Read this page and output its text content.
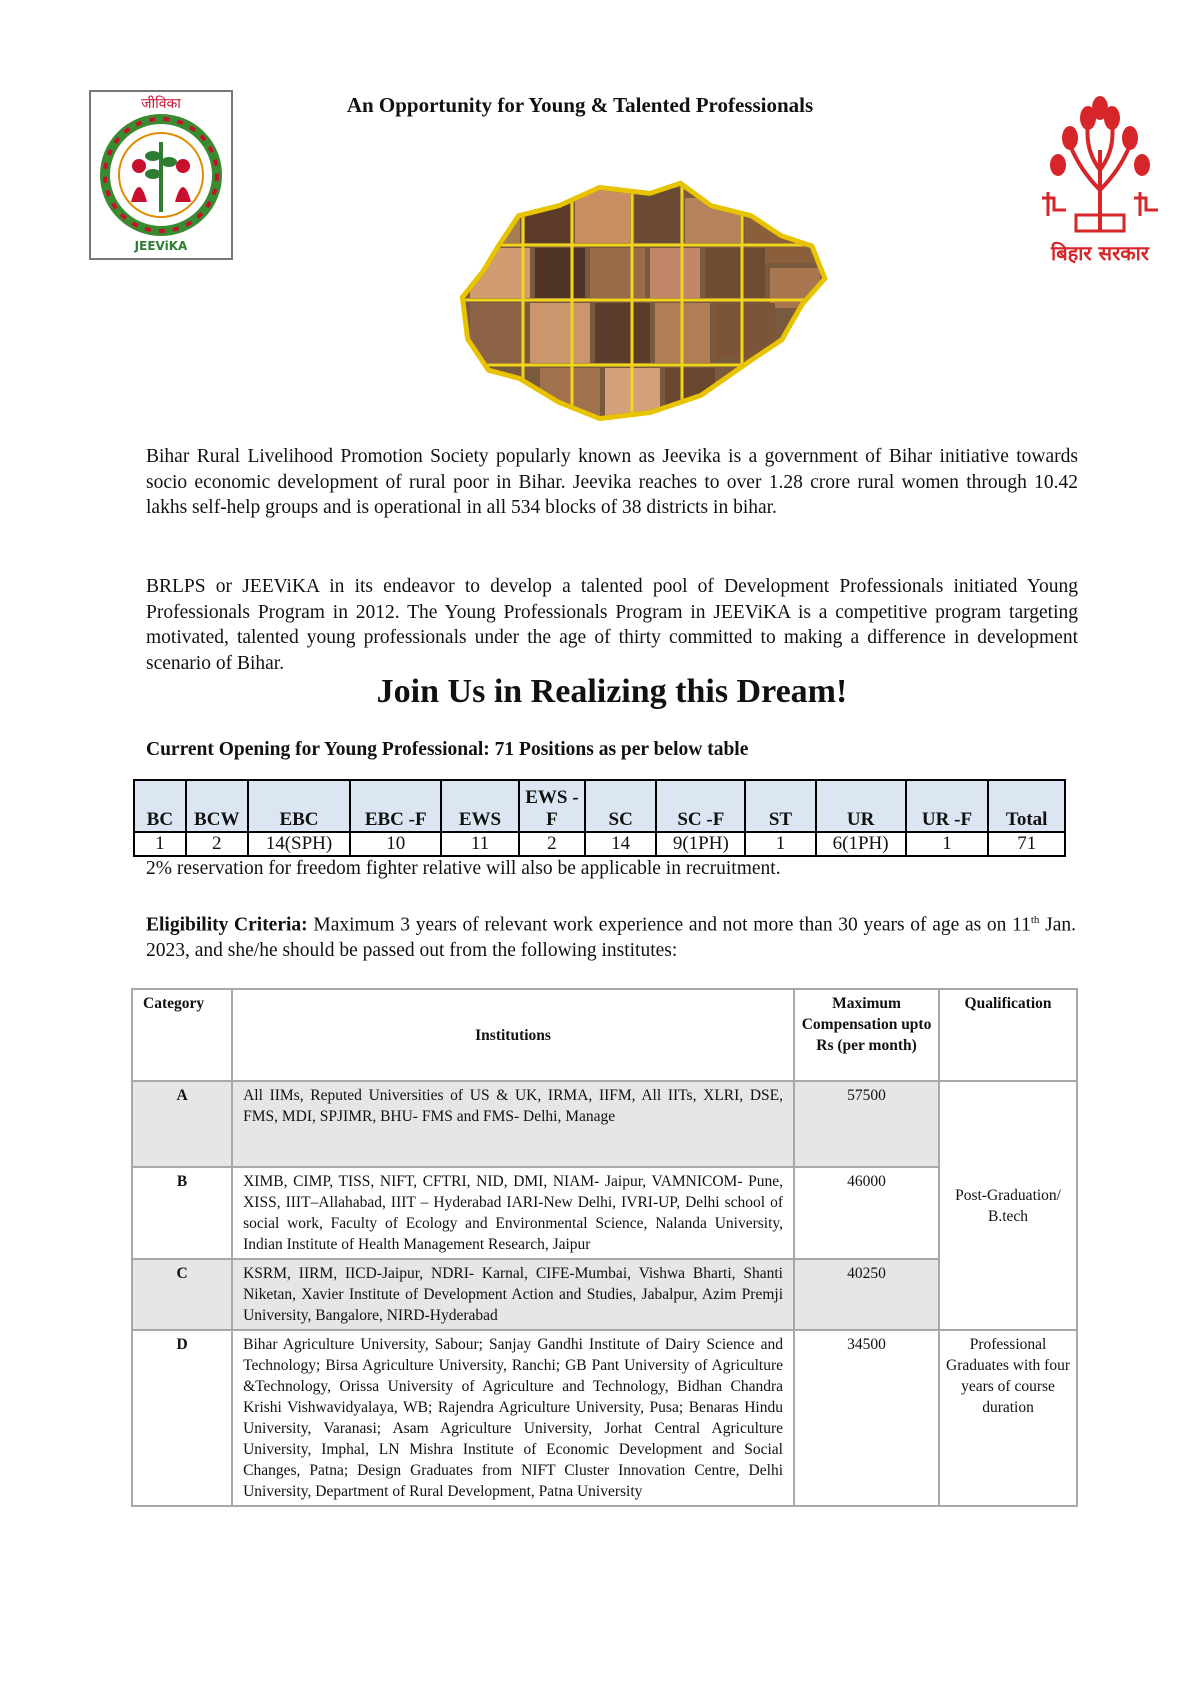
जीविका
JEEViKA
An Opportunity for Young & Talented Professionals
बिहार सरकार
Bihar Rural Livelihood Promotion Society popularly known as Jeevika is a government of Bihar initiative towards socio economic development of rural poor in Bihar. Jeevika reaches to over 1.28 crore rural women through 10.42 lakhs self-help groups and is operational in all 534 blocks of 38 districts in bihar.
BRLPS or JEEViKA in its endeavor to develop a talented pool of Development Professionals initiated Young Professionals Program in 2012. The Young Professionals Program in JEEViKA is a competitive program targeting motivated, talented young professionals under the age of thirty committed to making a difference in development scenario of Bihar.
Join Us in Realizing this Dream!
Current Opening for Young Professional: 71 Positions as per below table
BC	BCW	EBC	EBC -F	EWS	EWS - F	SC	SC -F	ST	UR	UR -F	Total
1	2	14(SPH)	10	11	2	14	9(1PH)	1	6(1PH)	1	71
2% reservation for freedom fighter relative will also be applicable in recruitment.
Eligibility Criteria: Maximum 3 years of relevant work experience and not more than 30 years of age as on 11th Jan. 2023, and she/he should be passed out from the following institutes:
Category	Institutions	Maximum Compensation upto Rs (per month)	Qualification
A	All IIMs, Reputed Universities of US & UK, IRMA, IIFM, All IITs, XLRI, DSE, FMS, MDI, SPJIMR, BHU- FMS and FMS- Delhi, Manage	57500	Post-Graduation/ B.tech
B	XIMB, CIMP, TISS, NIFT, CFTRI, NID, DMI, NIAM- Jaipur, VAMNICOM- Pune, XISS, IIIT–Allahabad, IIIT – Hyderabad IARI-New Delhi, IVRI-UP, Delhi school of social work, Faculty of Ecology and Environmental Science, Nalanda University, Indian Institute of Health Management Research, Jaipur	46000	
C	KSRM, IIRM, IICD-Jaipur, NDRI- Karnal, CIFE-Mumbai, Vishwa Bharti, Shanti Niketan, Xavier Institute of Development Action and Studies, Jabalpur, Azim Premji University, Bangalore, NIRD-Hyderabad	40250	
D	Bihar Agriculture University, Sabour; Sanjay Gandhi Institute of Dairy Science and Technology; Birsa Agriculture University, Ranchi; GB Pant University of Agriculture &Technology, Orissa University of Agriculture and Technology, Bidhan Chandra Krishi Vishwavidyalaya, WB; Rajendra Agriculture University, Pusa; Benaras Hindu University, Varanasi; Asam Agriculture University, Jorhat Central Agriculture University, Imphal, LN Mishra Institute of Economic Development and Social Changes, Patna; Design Graduates from NIFT Cluster Innovation Centre, Delhi University, Department of Rural Development, Patna University	34500	Professional Graduates with four years of course duration
